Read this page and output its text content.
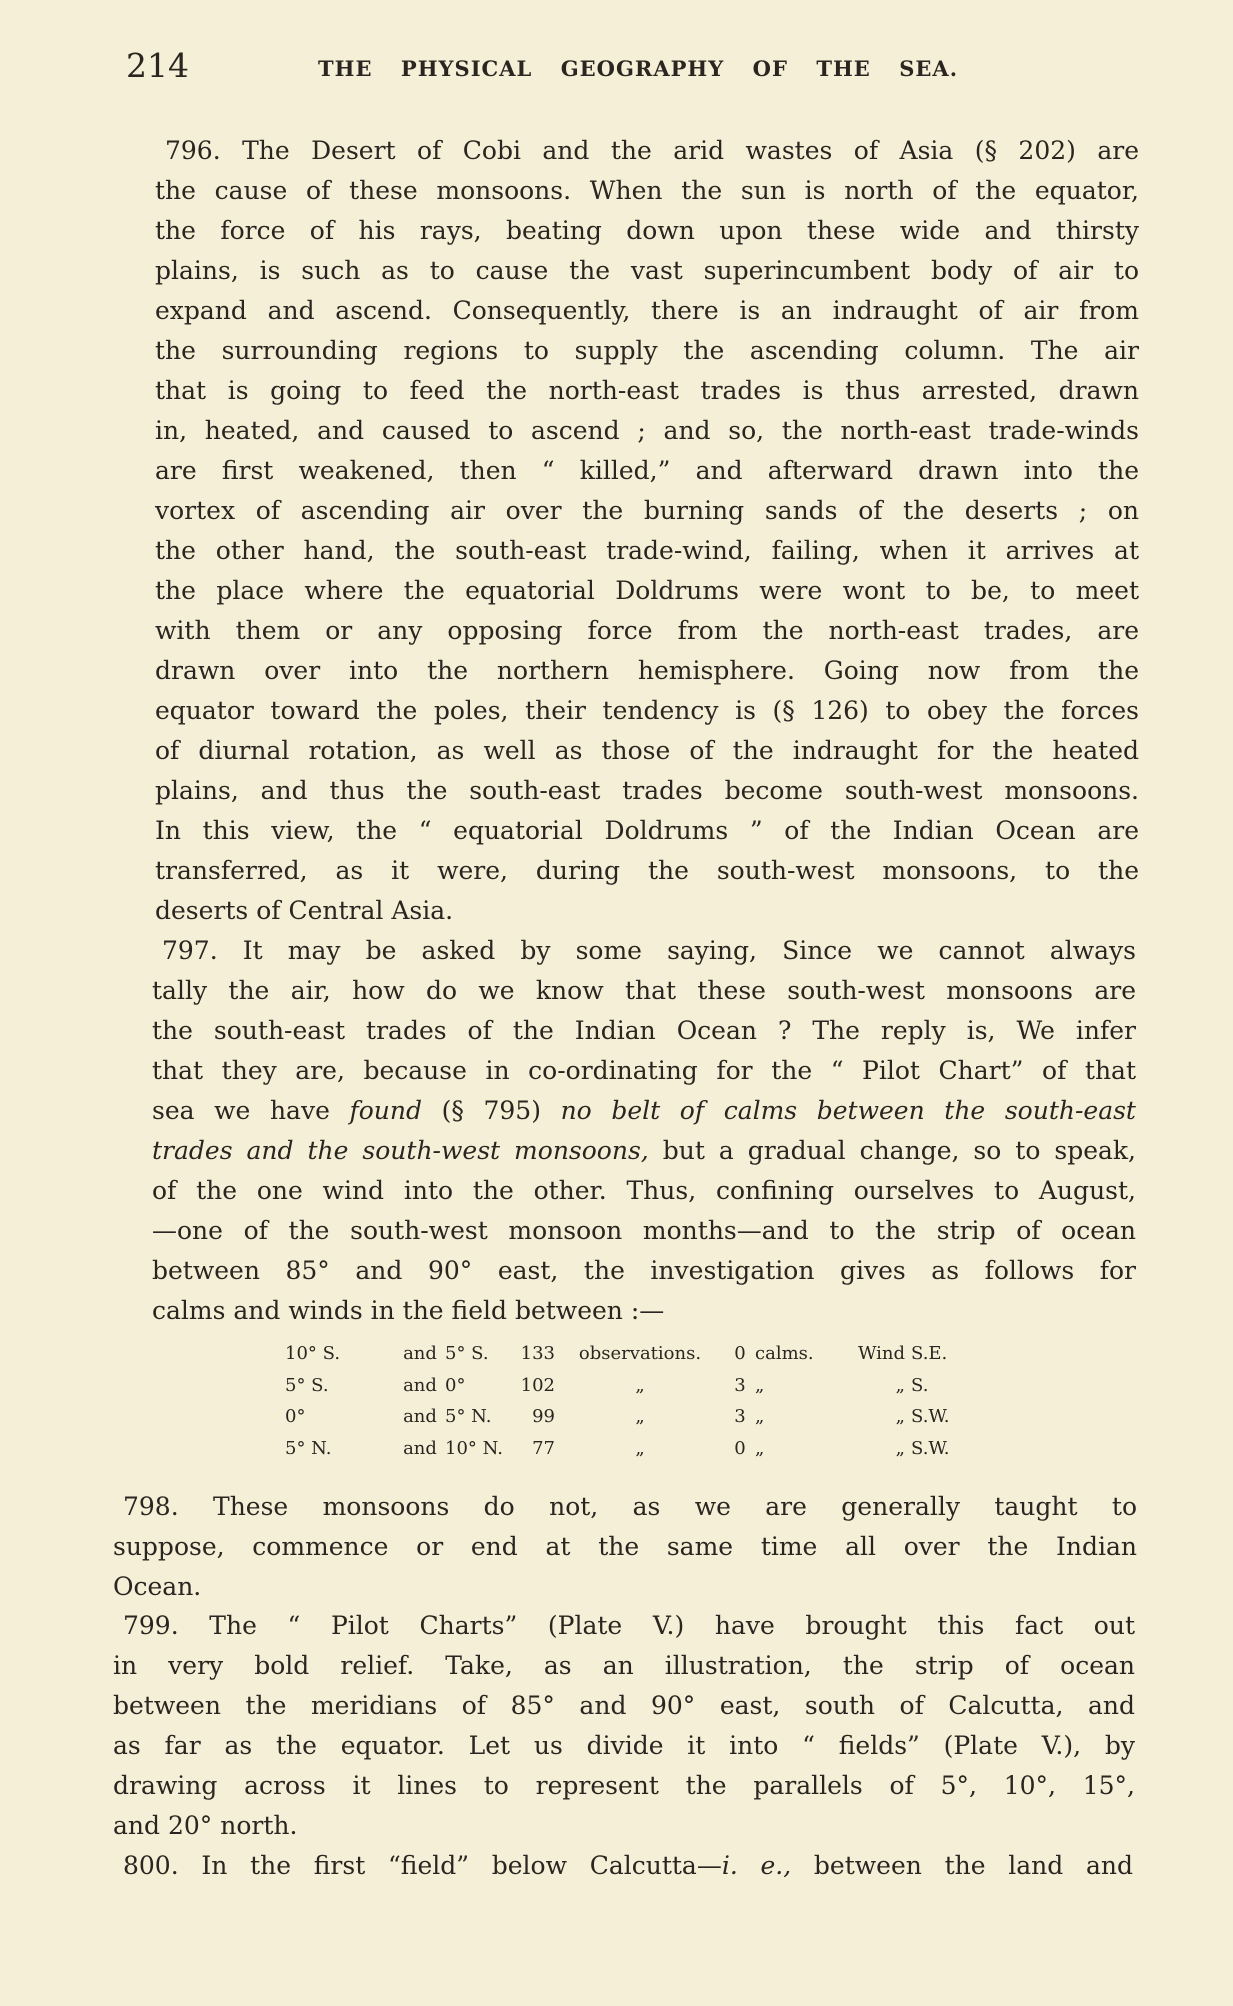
214	THE PHYSICAL GEOGRAPHY OF THE SEA.
796. The Desert of Cobi and the arid wastes of Asia (§ 202) are
the cause of these monsoons. When the sun is north of the equator,
the force of his rays, beating down upon these wide and thirsty
plains, is such as to cause the vast superincumbent body of air to
expand and ascend. Consequently, there is an indraught of air from
the surrounding regions to supply the ascending column. The air
that is going to feed the north-east trades is thus arrested, drawn
in, heated, and caused to ascend ; and so, the north-east trade-winds
are first weakened, then “ killed,” and afterward drawn into the
vortex of ascending air over the burning sands of the deserts ; on
the other hand, the south-east trade-wind, failing, when it arrives at
the place where the equatorial Doldrums were wont to be, to meet
with them or any opposing force from the north-east trades, are
drawn over into the northern hemisphere. Going now from the
equator toward the poles, their tendency is (§ 126) to obey the forces
of diurnal rotation, as well as those of the indraught for the heated
plains, and thus the south-east trades become south-west monsoons.
In this view, the “ equatorial Doldrums ” of the Indian Ocean are
transferred, as it were, during the south-west monsoons, to the
deserts of Central Asia.
797. It may be asked by some saying, Since we cannot always
tally the air, how do we know that these south-west monsoons are
the south-east trades of the Indian Ocean ? The reply is, We infer
that they are, because in co-ordinating for the “ Pilot Chart” of that
sea we have found (§ 795) no belt of calms between the south-east
trades and the south-west monsoons, but a gradual change, so to speak,
of the one wind into the other. Thus, confining ourselves to August,
—one of the south-west monsoon months—and to the strip of ocean
between 85° and 90° east, the investigation gives as follows for
calms and winds in the field between :—
10° S.	and 5° S.	133	observations.	0 calms.	Wind S.E.
5° S.	and 0°	102	„	3 „	„ S.
0°	and 5° N.	99	„	3 „	„ S.W.
5° N.	and 10° N.	77	„	0 „	„ S.W.
798. These monsoons do not, as we are generally taught to
suppose, commence or end at the same time all over the Indian
Ocean.
799. The “ Pilot Charts” (Plate V.) have brought this fact out
in very bold relief. Take, as an illustration, the strip of ocean
between the meridians of 85° and 90° east, south of Calcutta, and
as far as the equator. Let us divide it into “ fields” (Plate V.), by
drawing across it lines to represent the parallels of 5°, 10°, 15°,
and 20° north.
800. In the first “field” below Calcutta—i. e., between the land and
